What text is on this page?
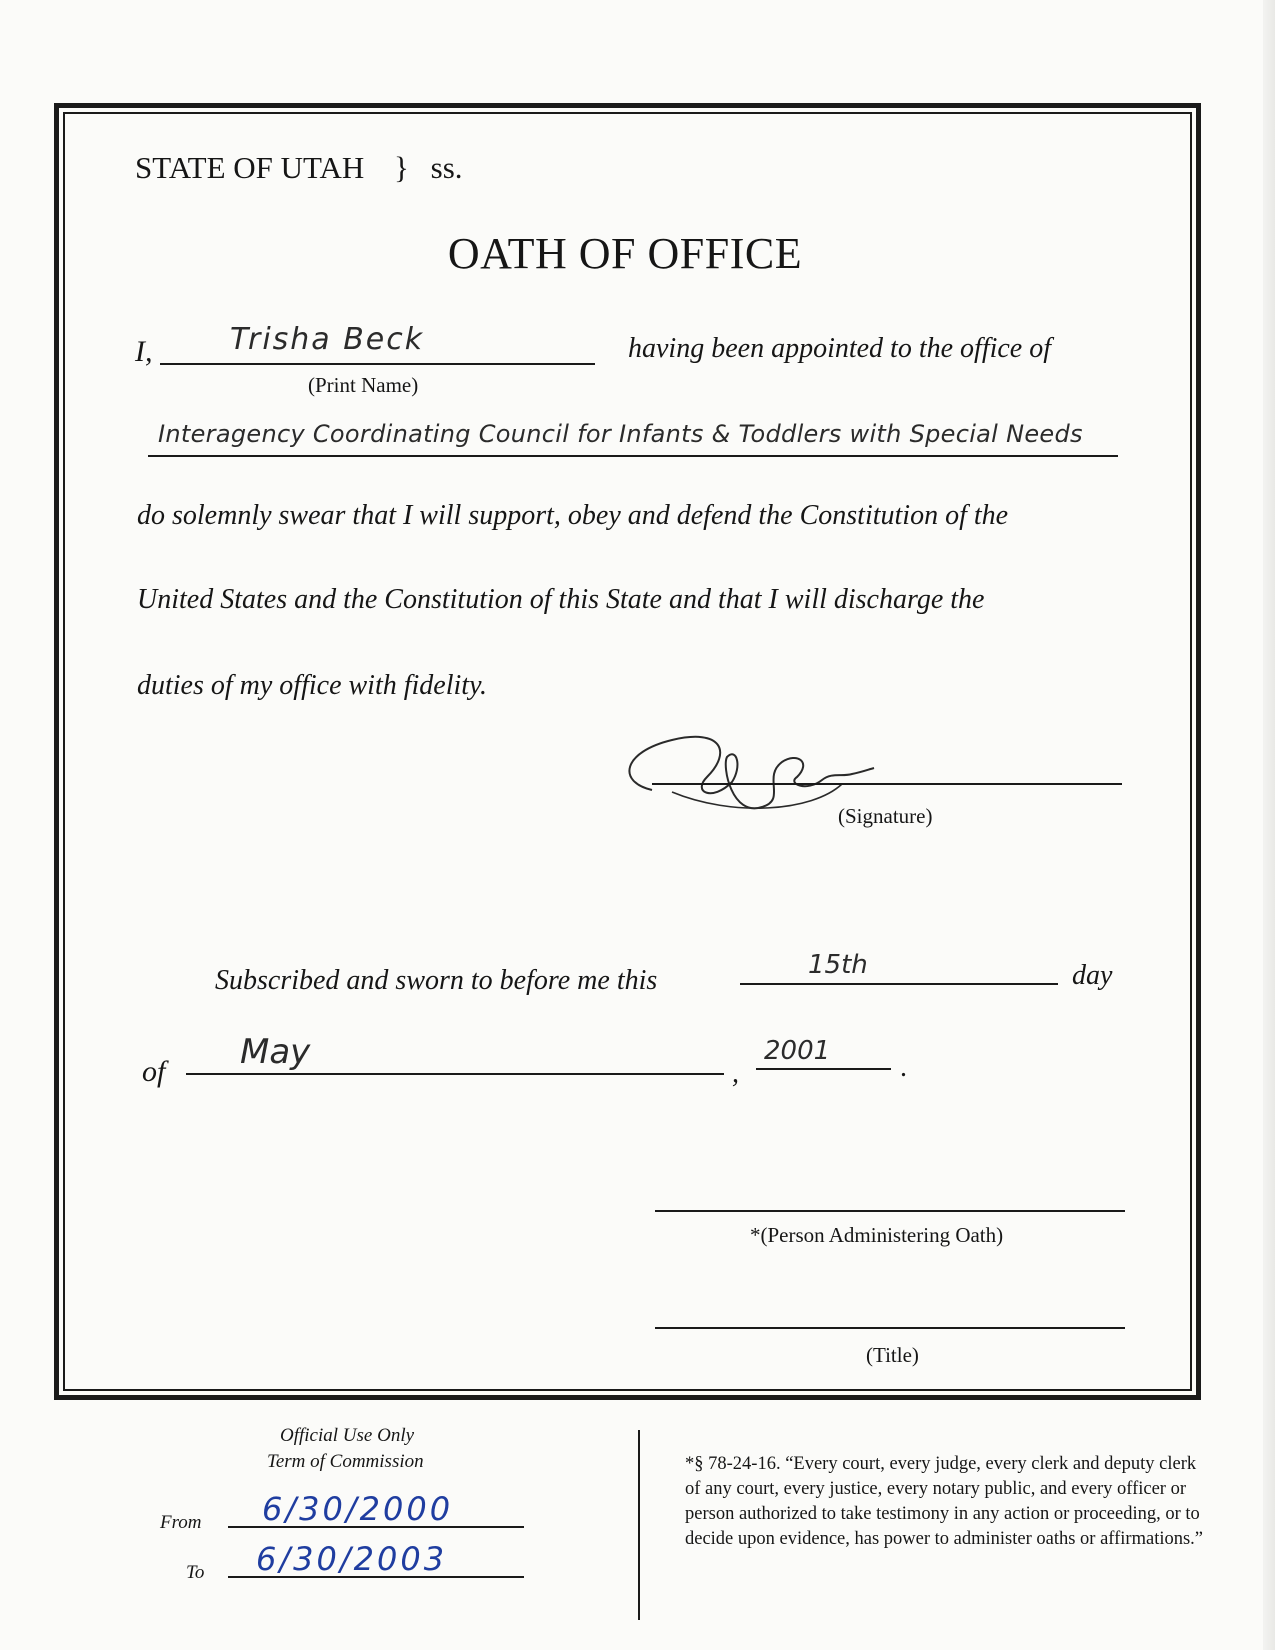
STATE OF UTAH } ss.
OATH OF OFFICE
I,	Trisha Beck
(Print Name)
having been appointed to the office of
Interagency Coordinating Council for Infants & Toddlers with Special Needs
do solemnly swear that I will support, obey and defend the Constitution of the
United States and the Constitution of this State and that I will discharge the
duties of my office with fidelity.
(Signature)
Subscribed and sworn to before me this	15th	day
of May
,
2001
.
*(Person Administering Oath)
(Title)
Official Use Only
Term of Commission
From 6/30/2000
To 6/30/2003
*§ 78-24-16. “Every court, every judge, every clerk and deputy clerk of any court, every justice, every notary public, and every officer or person authorized to take testimony in any action or proceeding, or to decide upon evidence, has power to administer oaths or affirmations.”
